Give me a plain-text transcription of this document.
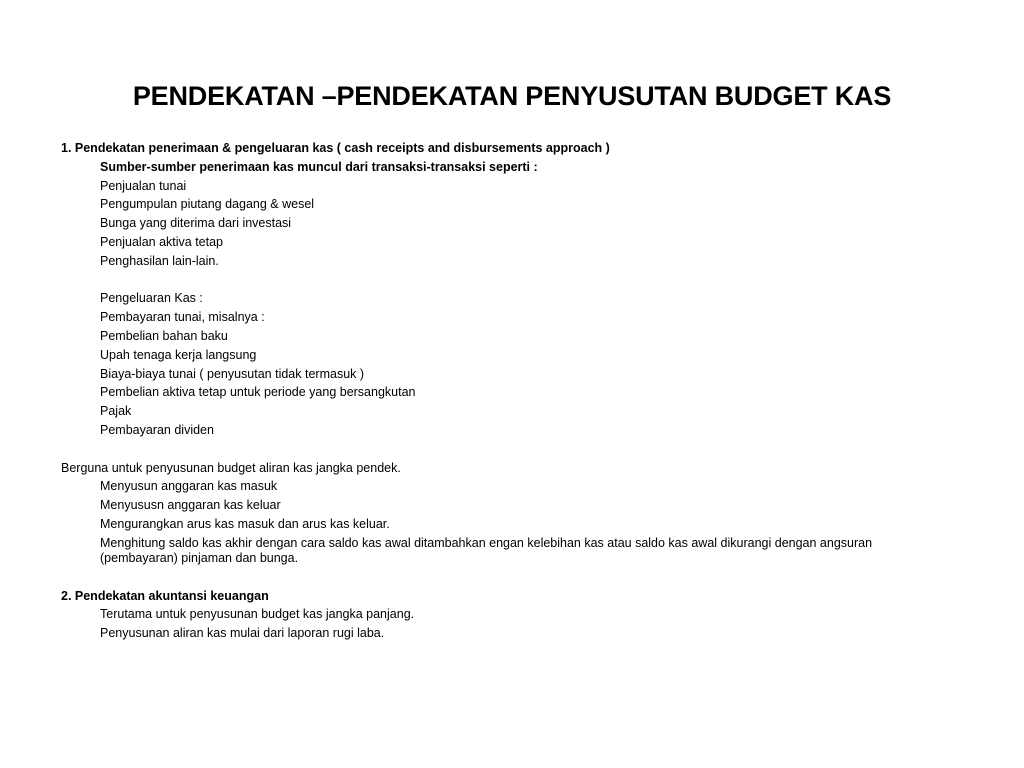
PENDEKATAN –PENDEKATAN PENYUSUTAN BUDGET KAS
1. Pendekatan penerimaan & pengeluaran kas ( cash receipts and disbursements approach )
Sumber-sumber penerimaan kas muncul dari transaksi-transaksi seperti :
Penjualan tunai
Pengumpulan piutang dagang & wesel
Bunga yang diterima dari investasi
Penjualan aktiva tetap
Penghasilan lain-lain.
Pengeluaran Kas :
Pembayaran tunai, misalnya :
Pembelian bahan baku
Upah tenaga kerja langsung
Biaya-biaya tunai ( penyusutan tidak termasuk )
Pembelian aktiva tetap untuk periode yang bersangkutan
Pajak
Pembayaran dividen
Berguna untuk penyusunan budget aliran kas jangka pendek.
Menyusun anggaran kas masuk
Menyususn anggaran kas keluar
Mengurangkan arus kas masuk dan arus kas keluar.
Menghitung saldo kas akhir dengan cara saldo kas awal ditambahkan engan kelebihan kas atau saldo kas awal dikurangi dengan angsuran (pembayaran) pinjaman dan bunga.
2. Pendekatan akuntansi keuangan
Terutama untuk penyusunan budget kas jangka panjang.
Penyusunan aliran kas mulai dari laporan rugi laba.
